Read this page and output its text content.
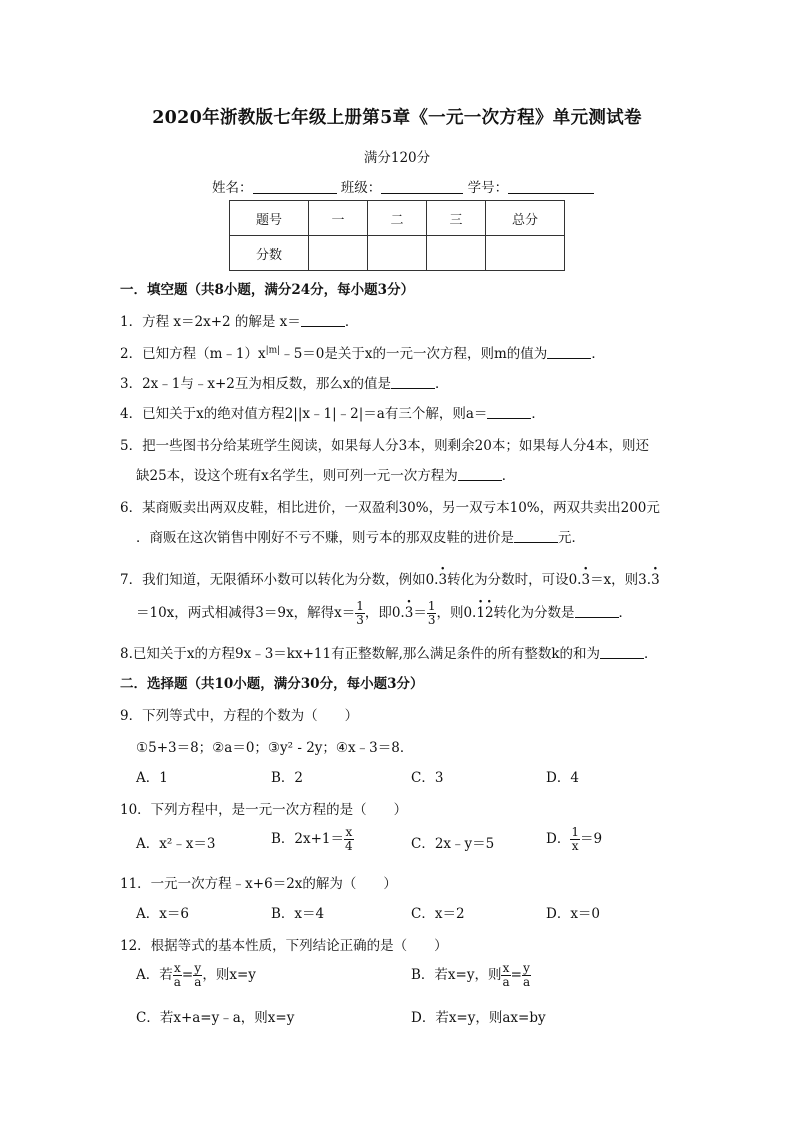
2020年浙教版七年级上册第5章《一元一次方程》单元测试卷
满分120分
姓名：	班级：	学号：
题号	一	二	三	总分
分数				
一．填空题（共8小题，满分24分，每小题3分）
1．方程 x＝2x+2 的解是 x＝	．
2．已知方程$(m﹣1)x^{|m|}﹣5=0$是关于x的一元一次方程，则m的值为	．
3．2x﹣1与﹣x+2互为相反数，那么x的值是	．
4．已知关于x的绝对值方程2||x﹣1|﹣2|＝a有三个解，则a＝	．
5．把一些图书分给某班学生阅读，如果每人分3本，则剩余20本；如果每人分4本，则还
缺25本，设这个班有x名学生，则可列一元一次方程为	．
6．某商贩卖出两双皮鞋，相比进价，一双盈利30%，另一双亏本10%，两双共卖出200元
．商贩在这次销售中刚好不亏不赚，则亏本的那双皮鞋的进价是	元．
7．我们知道，无限循环小数可以转化为分数，例如0.· 3转化为分数时，可设0.· 3＝x，则3.· 3
＝10x，两式相减得3＝9x，解得$x= \frac{1}{3}$ ，即$0.\cdot 3= \frac{1}{3}$ ，则0.· 1· 2转化为分数是	．
8.已知关于x的方程9x﹣3＝kx+11有正整数解,那么满足条件的所有整数k的和为	．
二．选择题（共10小题，满分30分，每小题3分）
9．下列等式中，方程的个数为（　　）
①5+3＝8；②a＝0；③y² - 2y；④x﹣3＝8．
A．1	B．2	C．3	D．4
10．下列方程中，是一元一次方程的是（　　）
A．x²﹣x＝3	B．$2x+1= \frac{x}{4}$	C．2x﹣y＝5	D． $\frac{1}{x} =9$
11．一元一次方程﹣x+6＝2x的解为（　　）
A．x＝6	B．x＝4	C．x＝2	D．x＝0
12．根据等式的基本性质，下列结论正确的是（　　）
A．若 $\frac{x}{a} = \frac{y}{a}$ ，则x=y	B．若x=y，则 $\frac{x}{a} = \frac{y}{a}$
C．若x+a=y﹣a，则x=y	D．若x=y，则ax=by
